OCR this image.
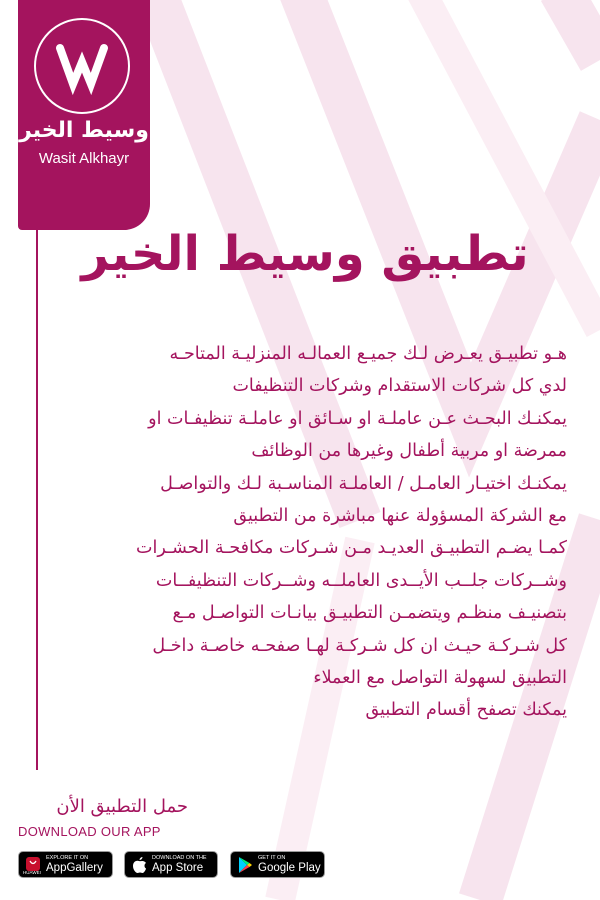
وسيط الخير
Wasit Alkhayr
تطبيق وسيط الخير
هـو تطبيـق يعـرض لـك جميـع العمالـه المنزليـة المتاحـه
لدي كل شركات الاستقدام وشركات التنظيفات
يمكنـك البحـث عـن عاملـة او سـائق او عاملـة تنظيفـات او
ممرضة او مربية أطفال وغيرها من الوظائف
يمكنـك اختيـار العامـل / العاملـة المناسـبة لـك والتواصـل
مع الشركة المسؤولة عنها مباشرة من التطبيق
كمـا يضـم التطبيـق العديـد مـن شـركات مكافحـة الحشـرات
وشــركات جلــب الأيــدى العاملــه وشــركات التنظيفــات
بتصنيـف منظـم ويتضمـن التطبيـق بيانـات التواصـل مـع
كل شـركـة حيـث ان كل شـركـة لهـا صفحـه خاصـة داخـل
التطبيق لسهولة التواصل مع العملاء
يمكنك تصفح أقسام التطبيق
حمل التطبيق الأن
DOWNLOAD OUR APP
EXPLORE IT ON
AppGallery
HUAWEI
DOWNLOAD ON THE
App Store
GET IT ON
Google Play
